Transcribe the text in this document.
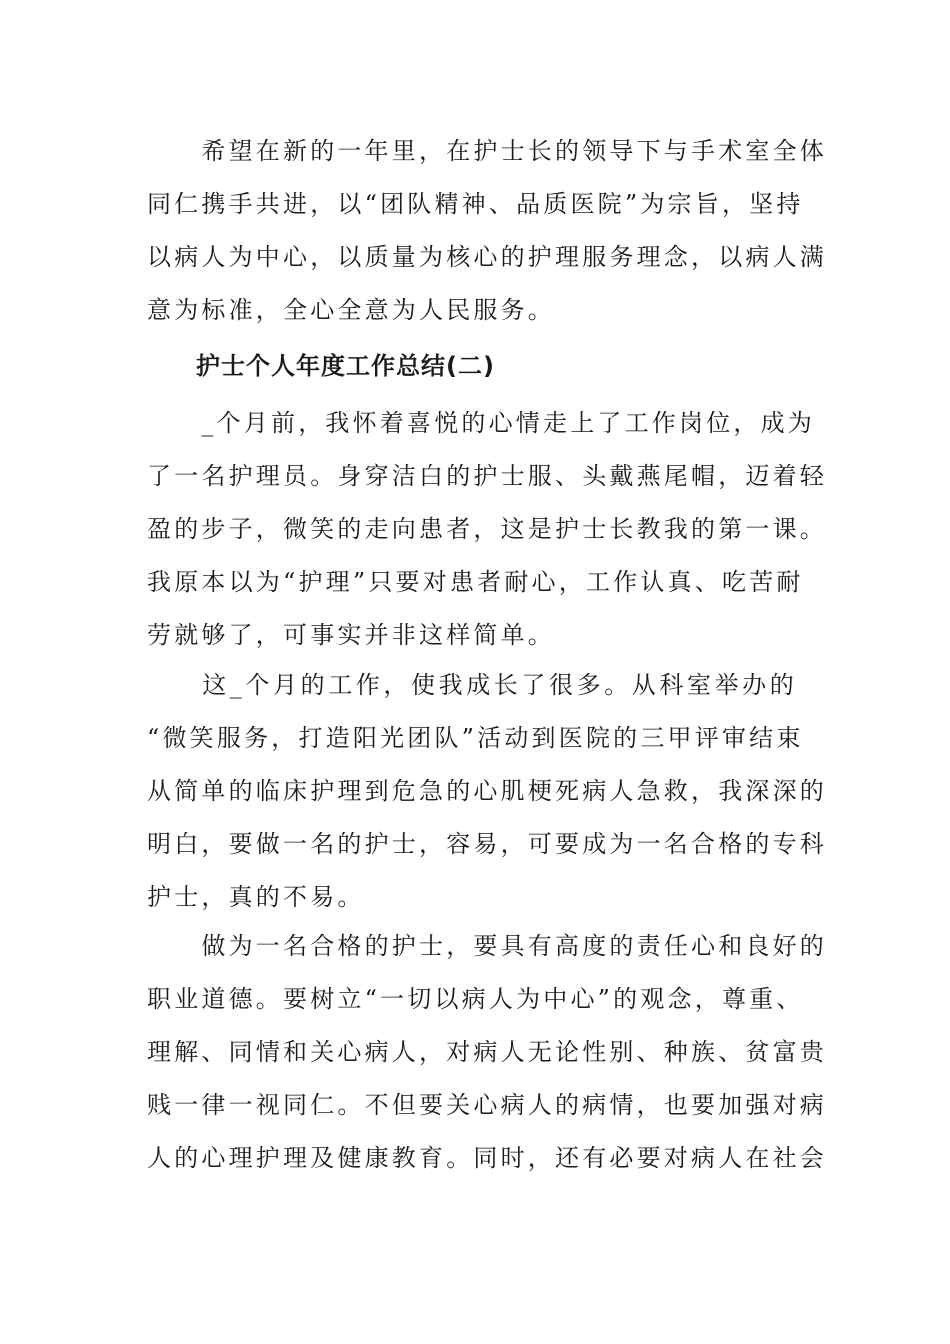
　　希望在新的一年里，在护士长的领导下与手术室全体
同仁携手共进，以“团队精神、品质医院”为宗旨，坚持
以病人为中心，以质量为核心的护理服务理念，以病人满
意为标准，全心全意为人民服务。
护士个人年度工作总结(二)
　　_个月前，我怀着喜悦的心情走上了工作岗位，成为
了一名护理员。身穿洁白的护士服、头戴燕尾帽，迈着轻
盈的步子，微笑的走向患者，这是护士长教我的第一课。
我原本以为“护理”只要对患者耐心，工作认真、吃苦耐
劳就够了，可事实并非这样简单。
　　这_个月的工作，使我成长了很多。从科室举办的
“微笑服务，打造阳光团队”活动到医院的三甲评审结束
从简单的临床护理到危急的心肌梗死病人急救，我深深的
明白，要做一名的护士，容易，可要成为一名合格的专科
护士，真的不易。
　　做为一名合格的护士，要具有高度的责任心和良好的
职业道德。要树立“一切以病人为中心”的观念，尊重、
理解、同情和关心病人，对病人无论性别、种族、贫富贵
贱一律一视同仁。不但要关心病人的病情，也要加强对病
人的心理护理及健康教育。同时，还有必要对病人在社会
